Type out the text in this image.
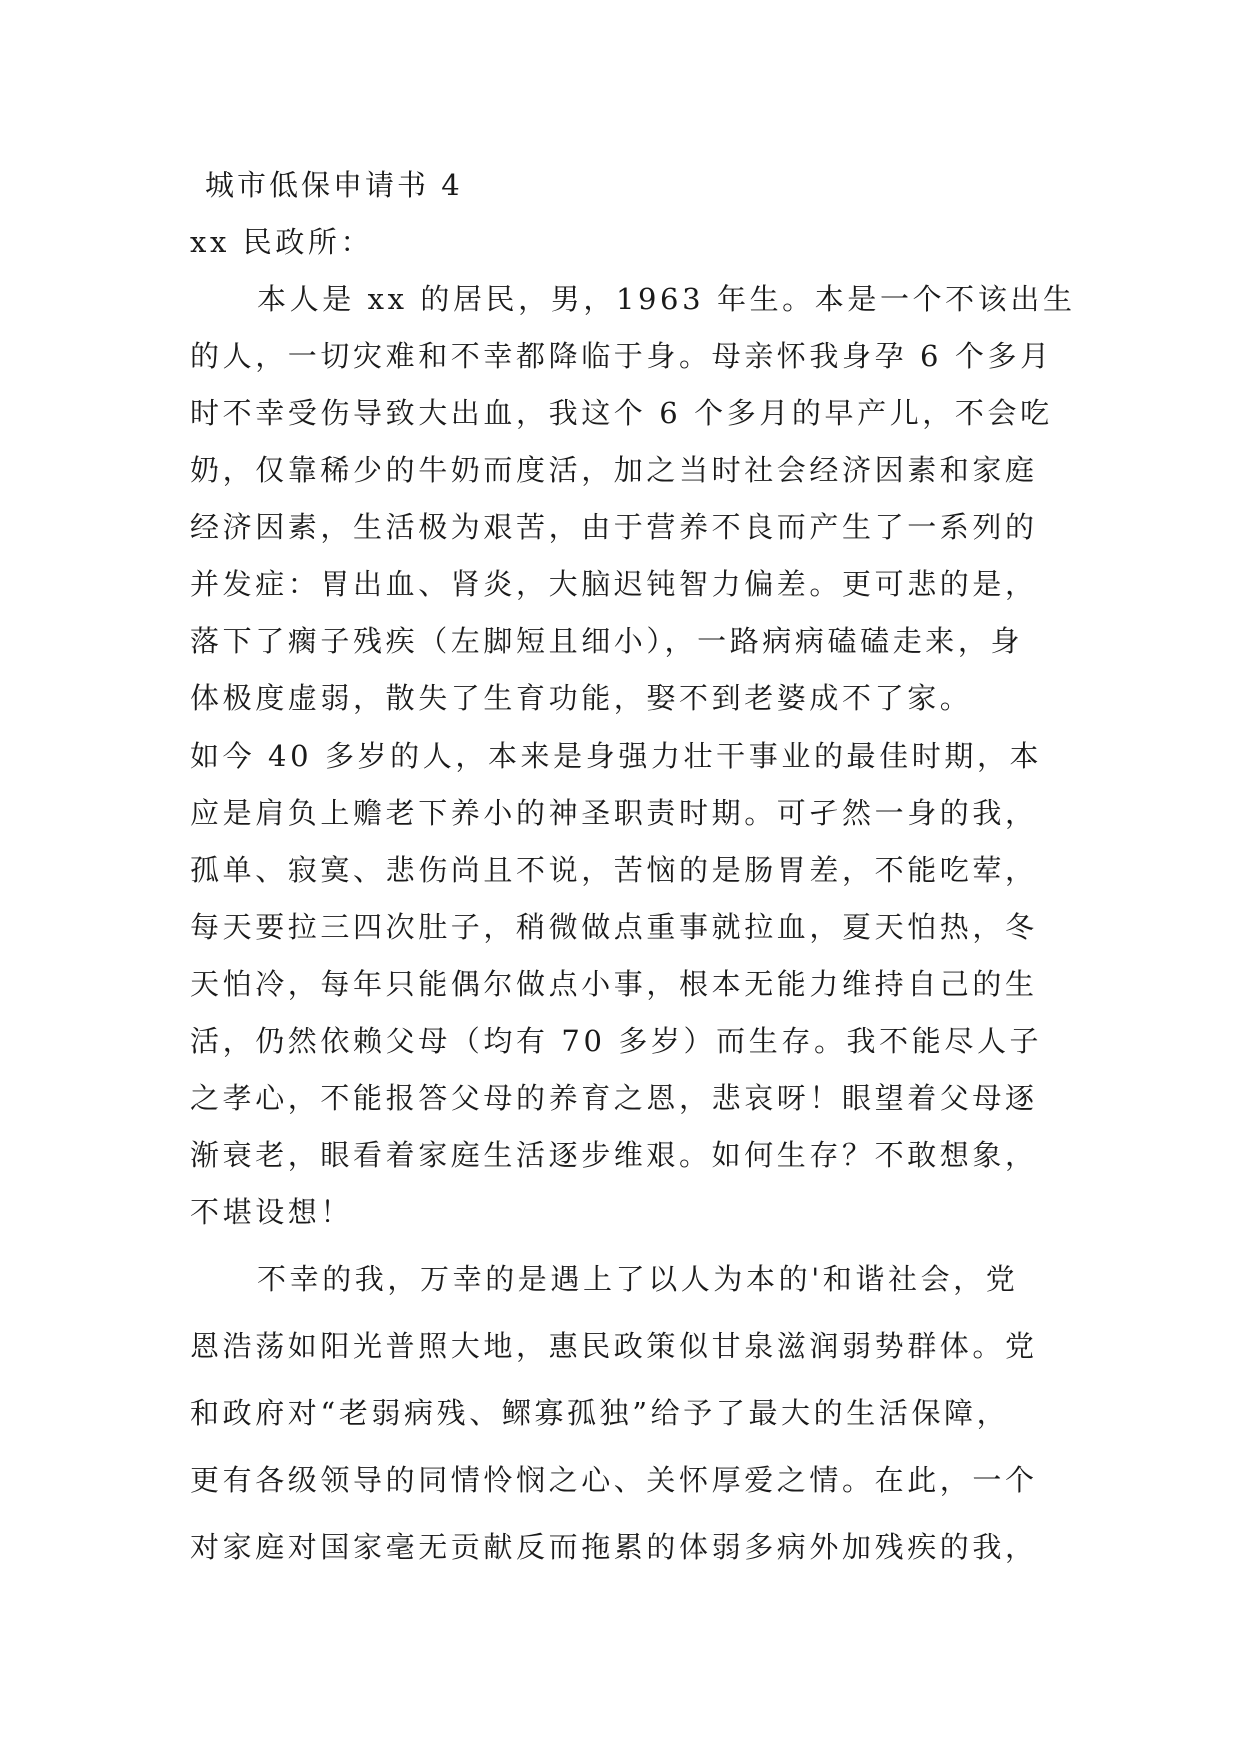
城市低保申请书 4
xx 民政所：
本人是 xx 的居民，男，1963 年生。本是一个不该出生
的人，一切灾难和不幸都降临于身。母亲怀我身孕 6 个多月
时不幸受伤导致大出血，我这个 6 个多月的早产儿，不会吃
奶，仅靠稀少的牛奶而度活，加之当时社会经济因素和家庭
经济因素，生活极为艰苦，由于营养不良而产生了一系列的
并发症：胃出血、肾炎，大脑迟钝智力偏差。更可悲的是，
落下了瘸子残疾（左脚短且细小），一路病病磕磕走来，身
体极度虚弱，散失了生育功能，娶不到老婆成不了家。
如今 40 多岁的人，本来是身强力壮干事业的最佳时期，本
应是肩负上赡老下养小的神圣职责时期。可孑然一身的我，
孤单、寂寞、悲伤尚且不说，苦恼的是肠胃差，不能吃荤，
每天要拉三四次肚子，稍微做点重事就拉血，夏天怕热，冬
天怕冷，每年只能偶尔做点小事，根本无能力维持自己的生
活，仍然依赖父母（均有 70 多岁）而生存。我不能尽人子
之孝心，不能报答父母的养育之恩，悲哀呀！眼望着父母逐
渐衰老，眼看着家庭生活逐步维艰。如何生存？不敢想象，
不堪设想！
不幸的我，万幸的是遇上了以人为本的'和谐社会，党
恩浩荡如阳光普照大地，惠民政策似甘泉滋润弱势群体。党
和政府对“老弱病残、鳏寡孤独”给予了最大的生活保障，
更有各级领导的同情怜悯之心、关怀厚爱之情。在此，一个
对家庭对国家毫无贡献反而拖累的体弱多病外加残疾的我，
